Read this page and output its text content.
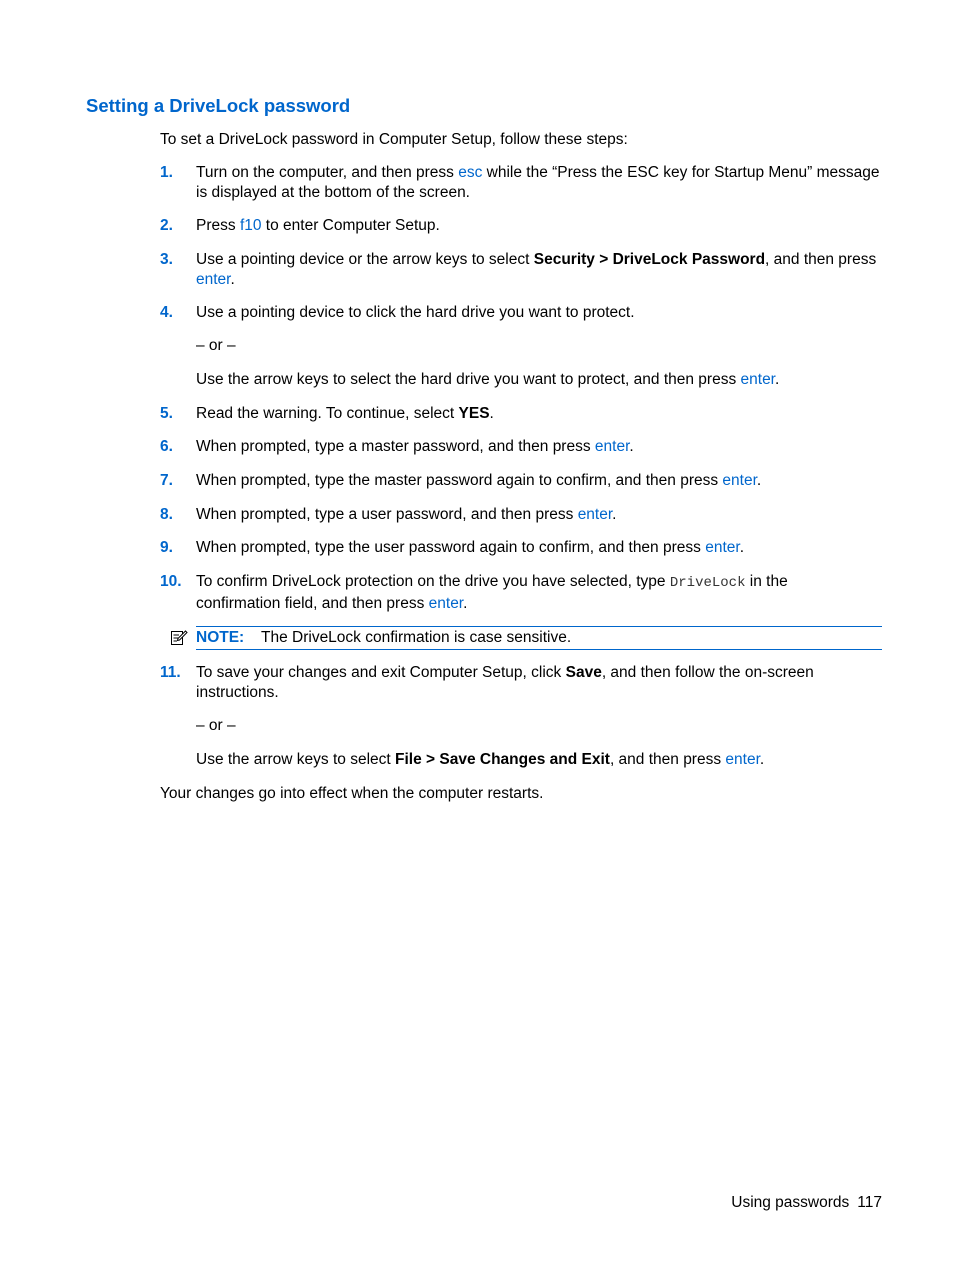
Setting a DriveLock password

To set a DriveLock password in Computer Setup, follow these steps:

1. Turn on the computer, and then press esc while the “Press the ESC key for Startup Menu” message
is displayed at the bottom of the screen.
2. Press f10 to enter Computer Setup.
3. Use a pointing device or the arrow keys to select Security > DriveLock Password, and then press
enter.
4. Use a pointing device to click the hard drive you want to protect.

– or –

Use the arrow keys to select the hard drive you want to protect, and then press enter.

5. Read the warning. To continue, select YES.
6. When prompted, type a master password, and then press enter.
7. When prompted, type the master password again to confirm, and then press enter.
8. When prompted, type a user password, and then press enter.
9. When prompted, type the user password again to confirm, and then press enter.
10. To confirm DriveLock protection on the drive you have selected, type DriveLock in the
confirmation field, and then press enter.
NOTE: The DriveLock confirmation is case sensitive.
11. To save your changes and exit Computer Setup, click Save, and then follow the on-screen
instructions.

– or –

Use the arrow keys to select File > Save Changes and Exit, and then press enter.

Your changes go into effect when the computer restarts.

Using passwords 117
